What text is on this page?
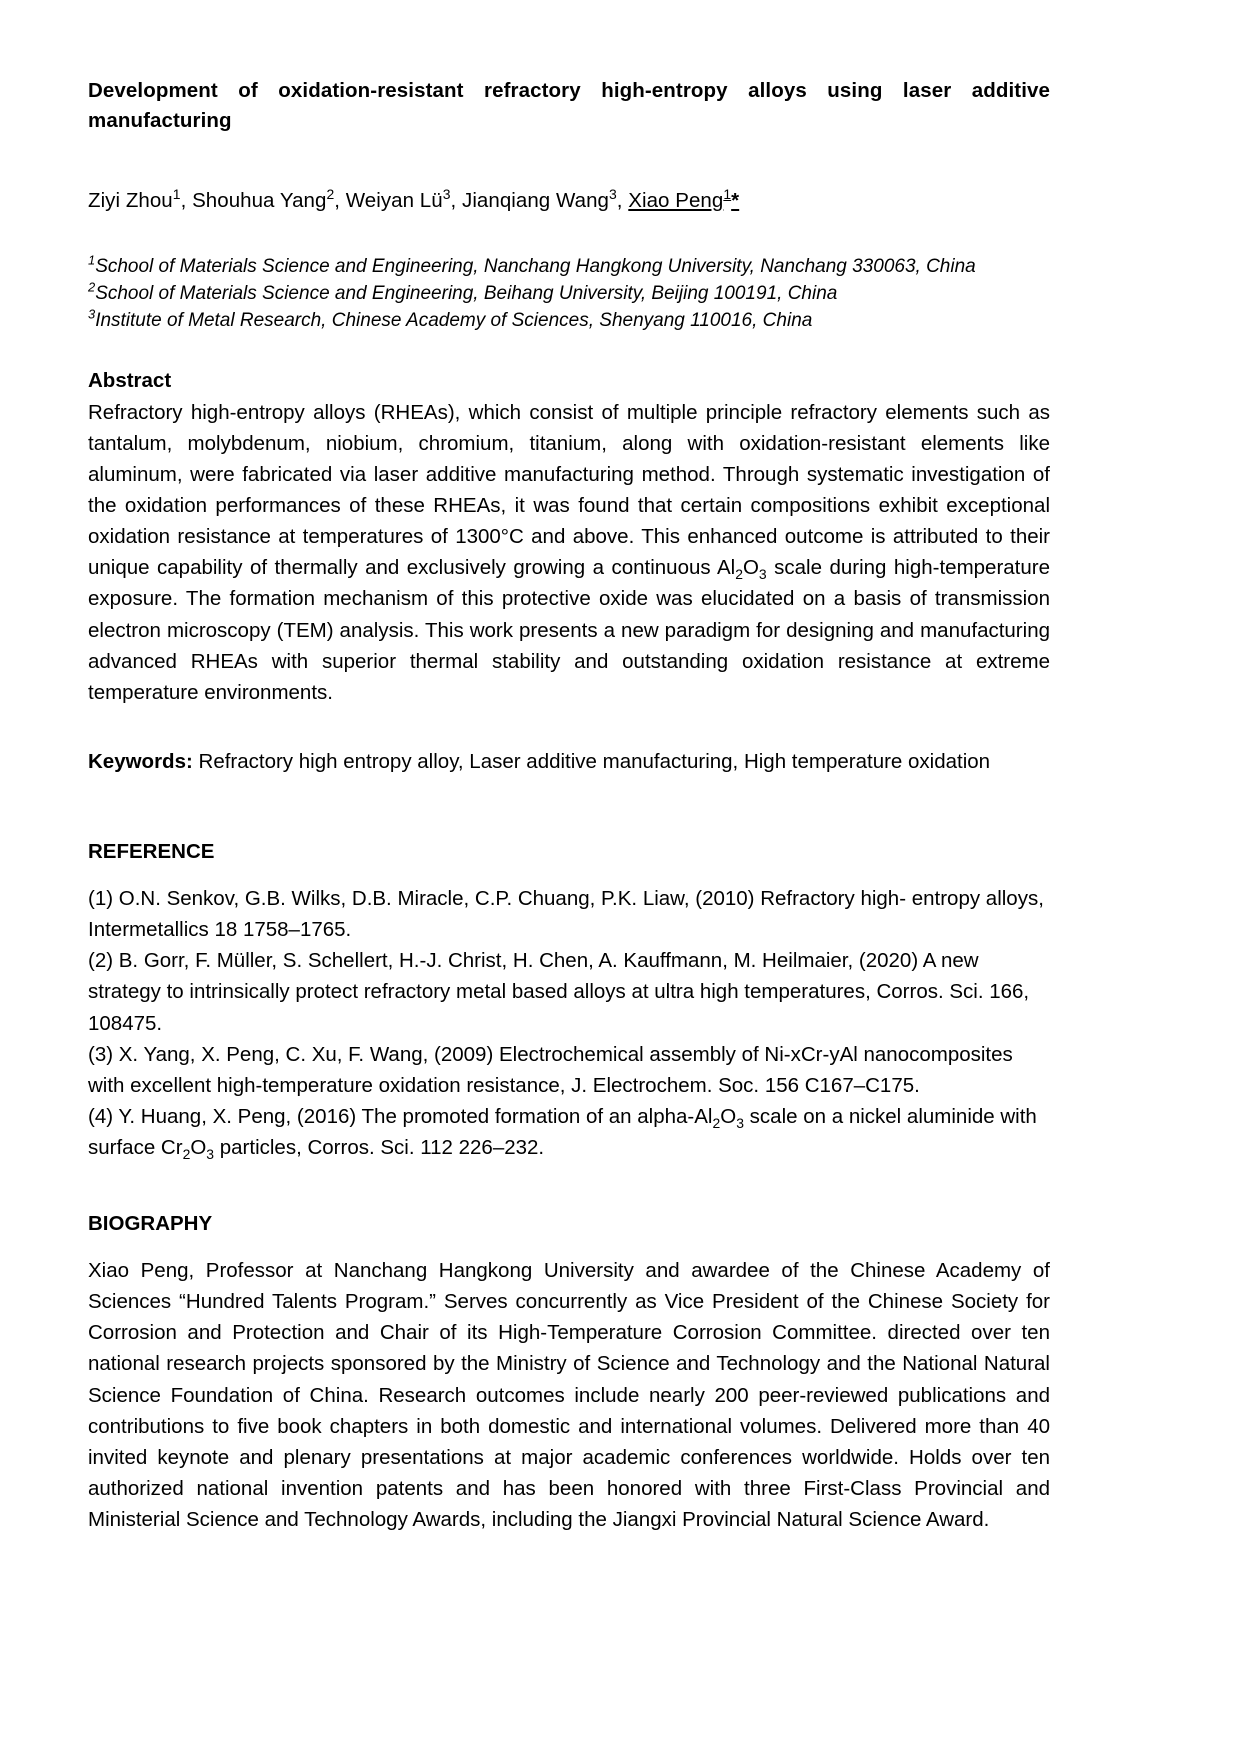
Development of oxidation-resistant refractory high-entropy alloys using laser additive manufacturing
Ziyi Zhou$^1$, Shouhua Yang$^2$, Weiyan $Lü^3$, Jianqiang Wang$^3$, Xiao Peng$^1$*
$^1$School of Materials Science and Engineering, Nanchang Hangkong University, Nanchang 330063, China
$^2$School of Materials Science and Engineering, Beihang University, Beijing 100191, China
$^3$Institute of Metal Research, Chinese Academy of Sciences, Shenyang 110016, China
Abstract

Refractory high-entropy alloys (RHEAs), which consist of multiple principle refractory elements such as tantalum, molybdenum, niobium, chromium, titanium, along with oxidation-resistant elements like aluminum, were fabricated via laser additive manufacturing method. Through systematic investigation of the oxidation performances of these RHEAs, it was found that certain compositions exhibit exceptional oxidation resistance at temperatures of 1300°C and above. This enhanced outcome is attributed to their unique capability of thermally and exclusively growing a continuous $Al_2O_3$ scale during high-temperature exposure. The formation mechanism of this protective oxide was elucidated on a basis of transmission electron microscopy (TEM) analysis. This work presents a new paradigm for designing and manufacturing advanced RHEAs with superior thermal stability and outstanding oxidation resistance at extreme temperature environments.

Keywords: Refractory high entropy alloy, Laser additive manufacturing, High temperature oxidation

REFERENCE

(1) O.N. Senkov, G.B. Wilks, D.B. Miracle, C.P. Chuang, P.K. Liaw, (2010) Refractory high- entropy alloys, Intermetallics 18 1758–1765.

(2) B. Gorr, F. Müller, S. Schellert, H.-J. Christ, H. Chen, A. Kauffmann, M. Heilmaier, (2020) A new strategy to intrinsically protect refractory metal based alloys at ultra high temperatures, Corros. Sci. 166, 108475.

(3) X. Yang, X. Peng, C. Xu, F. Wang, (2009) Electrochemical assembly of Ni-xCr-yAl nanocomposites with excellent high-temperature oxidation resistance, J. Electrochem. Soc. 156 C167–C175.

(4) Y. Huang, X. Peng, (2016) The promoted formation of an alpha-$Al_2O_3$ scale on a nickel aluminide with surface $Cr_2O_3$ particles, Corros. Sci. 112 226–232.

BIOGRAPHY

Xiao Peng, Professor at Nanchang Hangkong University and awardee of the Chinese Academy of Sciences “Hundred Talents Program.” Serves concurrently as Vice President of the Chinese Society for Corrosion and Protection and Chair of its High-Temperature Corrosion Committee. directed over ten national research projects sponsored by the Ministry of Science and Technology and the National Natural Science Foundation of China. Research outcomes include nearly 200 peer-reviewed publications and contributions to five book chapters in both domestic and international volumes. Delivered more than 40 invited keynote and plenary presentations at major academic conferences worldwide. Holds over ten authorized national invention patents and has been honored with three First-Class Provincial and Ministerial Science and Technology Awards, including the Jiangxi Provincial Natural Science Award.
